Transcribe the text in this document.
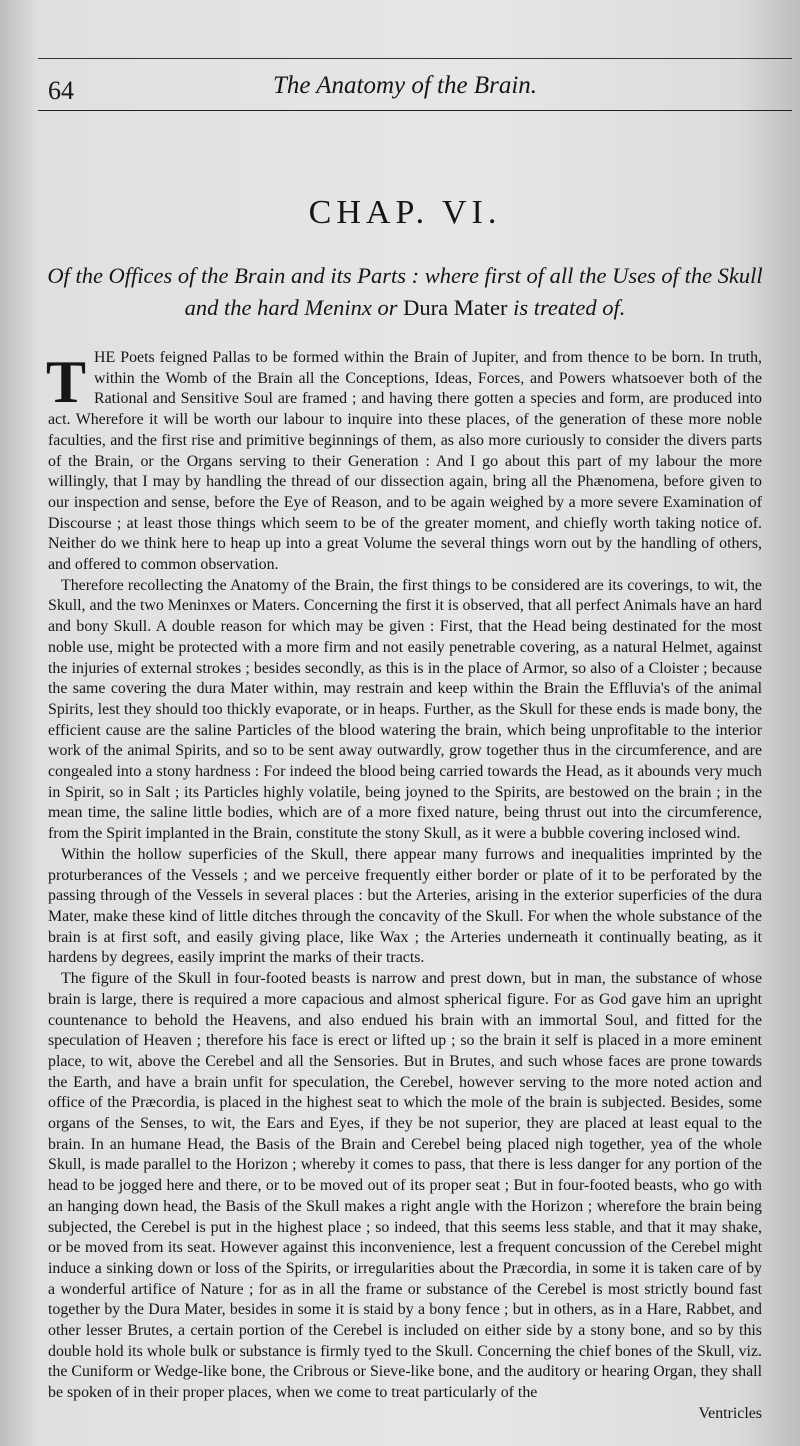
64	The Anatomy of the Brain.
CHAP. VI.
Of the Offices of the Brain and its Parts : where first of all the Uses of the Skull and the hard Meninx or Dura Mater is treated of.

THE Poets feigned Pallas to be formed within the Brain of Jupiter, and from thence to be born. In truth, within the Womb of the Brain all the Conceptions, Ideas, Forces, and Powers whatsoever both of the Rational and Sensitive Soul are framed ; and having there gotten a species and form, are produced into act. Wherefore it will be worth our labour to inquire into these places, of the generation of these more noble faculties, and the first rise and primitive beginnings of them, as also more curiously to consider the divers parts of the Brain, or the Organs serving to their Generation : And I go about this part of my labour the more willingly, that I may by handling the thread of our dissection again, bring all the Phænomena, before given to our inspection and sense, before the Eye of Reason, and to be again weighed by a more severe Examination of Discourse ; at least those things which seem to be of the greater moment, and chiefly worth taking notice of. Neither do we think here to heap up into a great Volume the several things worn out by the handling of others, and offered to common observation.

Therefore recollecting the Anatomy of the Brain, the first things to be considered are its coverings, to wit, the Skull, and the two Meninxes or Maters. Concerning the first it is observed, that all perfect Animals have an hard and bony Skull. A double reason for which may be given : First, that the Head being destinated for the most noble use, might be protected with a more firm and not easily penetrable covering, as a natural Helmet, against the injuries of external strokes ; besides secondly, as this is in the place of Armor, so also of a Cloister ; because the same covering the dura Mater within, may restrain and keep within the Brain the Effluvia's of the animal Spirits, lest they should too thickly evaporate, or in heaps. Further, as the Skull for these ends is made bony, the efficient cause are the saline Particles of the blood watering the brain, which being unprofitable to the interior work of the animal Spirits, and so to be sent away outwardly, grow together thus in the circumference, and are congealed into a stony hardness : For indeed the blood being carried towards the Head, as it abounds very much in Spirit, so in Salt ; its Particles highly volatile, being joyned to the Spirits, are bestowed on the brain ; in the mean time, the saline little bodies, which are of a more fixed nature, being thrust out into the circumference, from the Spirit implanted in the Brain, constitute the stony Skull, as it were a bubble covering inclosed wind.

Within the hollow superficies of the Skull, there appear many furrows and inequalities imprinted by the proturberances of the Vessels ; and we perceive frequently either border or plate of it to be perforated by the passing through of the Vessels in several places : but the Arteries, arising in the exterior superficies of the dura Mater, make these kind of little ditches through the concavity of the Skull. For when the whole substance of the brain is at first soft, and easily giving place, like Wax ; the Arteries underneath it continually beating, as it hardens by degrees, easily imprint the marks of their tracts.

The figure of the Skull in four-footed beasts is narrow and prest down, but in man, the substance of whose brain is large, there is required a more capacious and almost spherical figure. For as God gave him an upright countenance to behold the Heavens, and also endued his brain with an immortal Soul, and fitted for the speculation of Heaven ; therefore his face is erect or lifted up ; so the brain it self is placed in a more eminent place, to wit, above the Cerebel and all the Sensories. But in Brutes, and such whose faces are prone towards the Earth, and have a brain unfit for speculation, the Cerebel, however serving to the more noted action and office of the Præcordia, is placed in the highest seat to which the mole of the brain is subjected. Besides, some organs of the Senses, to wit, the Ears and Eyes, if they be not superior, they are placed at least equal to the brain. In an humane Head, the Basis of the Brain and Cerebel being placed nigh together, yea of the whole Skull, is made parallel to the Horizon ; whereby it comes to pass, that there is less danger for any portion of the head to be jogged here and there, or to be moved out of its proper seat ; But in four-footed beasts, who go with an hanging down head, the Basis of the Skull makes a right angle with the Horizon ; wherefore the brain being subjected, the Cerebel is put in the highest place ; so indeed, that this seems less stable, and that it may shake, or be moved from its seat. However against this inconvenience, lest a frequent concussion of the Cerebel might induce a sinking down or loss of the Spirits, or irregularities about the Præcordia, in some it is taken care of by a wonderful artifice of Nature ; for as in all the frame or substance of the Cerebel is most strictly bound fast together by the Dura Mater, besides in some it is staid by a bony fence ; but in others, as in a Hare, Rabbet, and other lesser Brutes, a certain portion of the Cerebel is included on either side by a stony bone, and so by this double hold its whole bulk or substance is firmly tyed to the Skull. Concerning the chief bones of the Skull, viz. the Cuniform or Wedge-like bone, the Cribrous or Sieve-like bone, and the auditory or hearing Organ, they shall be spoken of in their proper places, when we come to treat particularly of the

Ventricles
